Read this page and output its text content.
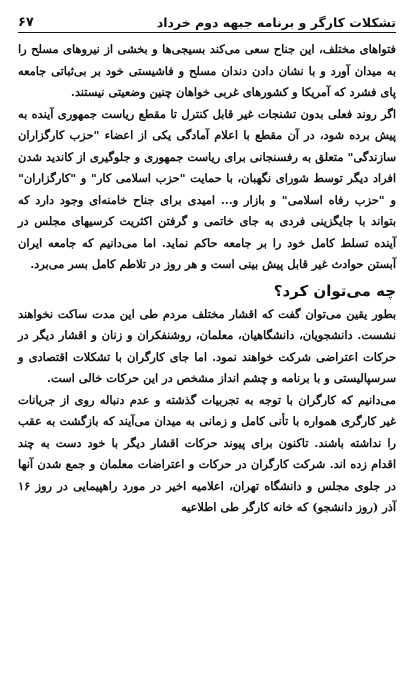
تشکلات کارگر و برنامه جبهه دوم خرداد
۶۷

فتواهای مختلف، این جناح سعی می‌کند بسیجی‌ها و بخشی از نیروهای مسلح را به میدان آورد و با نشان دادن دندان مسلح و فاشیستی خود بر بی‌ثباتی جامعه پای فشرد که آمریکا و کشورهای غربی خواهان چنین وضعیتی نیستند.

اگر روند فعلی بدون تشنجات غیر قابل کنترل تا مقطع ریاست جمهوری آینده به پیش برده شود، در آن مقطع با اعلام آمادگی یکی از اعضاء "حزب کارگزاران سازندگی" متعلق به رفسنجانی برای ریاست جمهوری و جلوگیری از کاندید شدن افراد دیگر توسط شورای نگهبان، با حمایت "حزب اسلامی کار" و "کارگزاران" و "حزب رفاه اسلامی" و بازار و... امیدی برای جناح خامنه‌ای وجود دارد که بتواند با جایگزینی فردی به جای خاتمی و گرفتن اکثریت کرسیهای مجلس در آینده تسلط کامل خود را بر جامعه حاکم نماید. اما می‌دانیم که جامعه ایران آبستن حوادث غیر قابل پیش بینی است و هر روز در تلاطم کامل بسر می‌برد.

چه می‌توان کرد؟

بطور یقین می‌توان گفت که اقشار مختلف مردم طی این مدت ساکت نخواهند نشست. دانشجویان، دانشگاهیان، معلمان، روشنفکران و زنان و اقشار دیگر در حرکات اعتراضی شرکت خواهند نمود. اما جای کارگران با تشکلات اقتصادی و سرسپالیستی و با برنامه و چشم انداز مشخص در این حرکات خالی است.

می‌دانیم که کارگران با توجه به تجربیات گذشته و عدم دنباله روی از جریانات غیر کارگری همواره با تأنی کامل و زمانی به میدان می‌آیند که بازگشت به عقب را نداشته باشند. تاکنون برای پیوند حرکات اقشار دیگر با خود دست به چند اقدام زده اند. شرکت کارگران در حرکات و اعتراضات معلمان و جمع شدن آنها در جلوی مجلس و دانشگاه تهران، اعلامیه اخیر در مورد راهپیمایی در روز ۱۶ آذر (روز دانشجو) که خانه کارگر طی اطلاعیه
